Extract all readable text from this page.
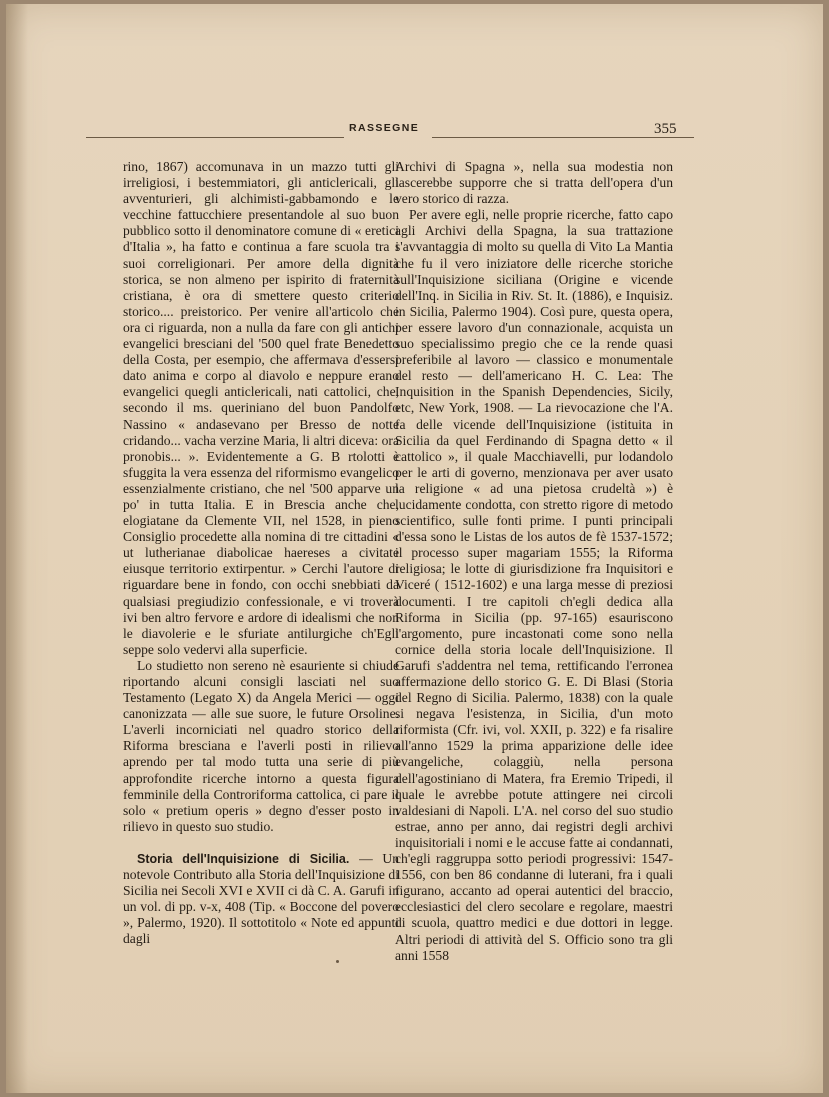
RASSEGNE	355

rino, 1867) accomunava in un mazzo tutti gli irreligiosi, i bestemmiatori, gli anticlericali, gli avventurieri, gli alchimisti-gabbamondo e le vecchine fattucchiere presentandole al suo buon pubblico sotto il denominatore comune di « eretici d'Italia », ha fatto e continua a fare scuola tra i suoi correligionari. Per amore della dignità storica, se non almeno per ispirito di fraternità cristiana, è ora di smettere questo criterio storico.... preistorico. Per venire all'articolo che ora ci riguarda, non a nulla da fare con gli antichi evangelici bresciani del '500 quel frate Benedetto della Costa, per esempio, che affermava d'essersi dato anima e corpo al diavolo e neppure erano evangelici quegli anticlericali, nati cattolici, che, secondo il ms. queriniano del buon Pandolfo Nassino « andasevano per Bresso de notte cridando... vacha verzine Maria, li altri diceva: ora pronobis... ». Evidentemente a G. B rtolotti è sfuggita la vera essenza del riformismo evangelico essenzialmente cristiano, che nel '500 apparve un po' in tutta Italia. E in Brescia anche che, elogiatane da Clemente VII, nel 1528, in pieno Consiglio procedette alla nomina di tre cittadini « ut lutherianae diabolicae haereses a civitate eiusque territorio extirpentur. » Cerchi l'autore di riguardare bene in fondo, con occhi snebbiati da qualsiasi pregiudizio confessionale, e vi troverà ivi ben altro fervore e ardore di idealismi che non le diavolerie e le sfuriate antilurgiche ch'Egli seppe solo vedervi alla superficie.

Lo studietto non sereno nè esauriente si chiude riportando alcuni consigli lasciati nel suo Testamento (Legato X) da Angela Merici — oggi canonizzata — alle sue suore, le future Orsoline. L'averli incorniciati nel quadro storico della Riforma bresciana e l'averli posti in rilievo aprendo per tal modo tutta una serie di più approfondite ricerche intorno a questa figura femminile della Controriforma cattolica, ci pare il solo « pretium operis » degno d'esser posto in rilievo in questo suo studio.

Storia dell'Inquisizione di Sicilia. — Un notevole Contributo alla Storia dell'Inquisizione di Sicilia nei Secoli XVI e XVII ci dà C. A. Garufi in un vol. di pp. v-x, 408 (Tip. « Boccone del povero », Palermo, 1920). Il sottotitolo « Note ed appunti dagli

Archivi di Spagna », nella sua modestia non lascerebbe supporre che si tratta dell'opera d'un vero storico di razza.

Per avere egli, nelle proprie ricerche, fatto capo agli Archivi della Spagna, la sua trattazione s'avvantaggia di molto su quella di Vito La Mantia che fu il vero iniziatore delle ricerche storiche sull'Inquisizione siciliana (Origine e vicende dell'Inq. in Sicilia in Riv. St. It. (1886), e Inquisiz. in Sicilia, Palermo 1904). Così pure, questa opera, per essere lavoro d'un connazionale, acquista un suo specialissimo pregio che ce la rende quasi preferibile al lavoro — classico e monumentale del resto — dell'americano H. C. Lea: The Inquisition in the Spanish Dependencies, Sicily, etc, New York, 1908. — La rievocazione che l'A. fa delle vicende dell'Inquisizione (istituita in Sicilia da quel Ferdinando di Spagna detto « il cattolico », il quale Macchiavelli, pur lodandolo per le arti di governo, menzionava per aver usato la religione « ad una pietosa crudeltà ») è lucidamente condotta, con stretto rigore di metodo scientifico, sulle fonti prime. I punti principali d'essa sono le Listas de los autos de fè 1537-1572; il processo super magariam 1555; la Riforma religiosa; le lotte di giurisdizione fra Inquisitori e Viceré ( 1512-1602) e una larga messe di preziosi documenti. I tre capitoli ch'egli dedica alla Riforma in Sicilia (pp. 97-165) esauriscono l'argomento, pure incastonati come sono nella cornice della storia locale dell'Inquisizione. Il Garufi s'addentra nel tema, rettificando l'erronea affermazione dello storico G. E. Di Blasi (Storia del Regno di Sicilia. Palermo, 1838) con la quale si negava l'esistenza, in Sicilia, d'un moto riformista (Cfr. ivi, vol. XXII, p. 322) e fa risalire all'anno 1529 la prima apparizione delle idee evangeliche, colaggiù, nella persona dell'agostiniano di Matera, fra Eremio Tripedi, il quale le avrebbe potute attingere nei circoli valdesiani di Napoli. L'A. nel corso del suo studio estrae, anno per anno, dai registri degli archivi inquisitoriali i nomi e le accuse fatte ai condannati, ch'egli raggruppa sotto periodi progressivi: 1547-1556, con ben 86 condanne di luterani, fra i quali figurano, accanto ad operai autentici del braccio, ecclesiastici del clero secolare e regolare, maestri di scuola, quattro medici e due dottori in legge. Altri periodi di attività del S. Officio sono tra gli anni 1558
